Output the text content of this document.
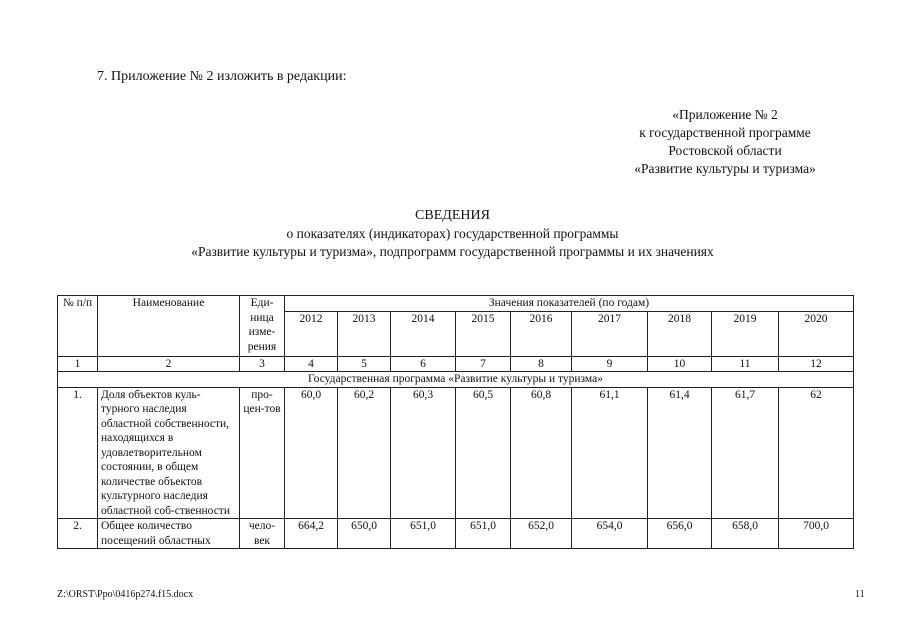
7. Приложение № 2 изложить в редакции:
«Приложение № 2
к государственной программе
Ростовской области
«Развитие культуры и туризма»
СВЕДЕНИЯ
о показателях (индикаторах) государственной программы
«Развитие культуры и туризма», подпрограмм государственной программы и их значениях
№ п/п	Наименование	Еди-ница изме-рения	Значения показателей (по годам)								
			2012	2013	2014	2015	2016	2017	2018	2019	2020
1	2	3	4	5	6	7	8	9	10	11	12
Государственная программа «Развитие культуры и туризма»											
1.	Доля объектов куль-турного наследия областной собственности, находящихся в удовлетворительном состоянии, в общем количестве объектов культурного наследия областной соб-ственности	про-цен-тов	60,0	60,2	60,3	60,5	60,8	61,1	61,4	61,7	62
2.	Общее количество посещений областных	чело-век	664,2	650,0	651,0	651,0	652,0	654,0	656,0	658,0	700,0
Z:\ORST\Ppo\0416p274.f15.docx	11
